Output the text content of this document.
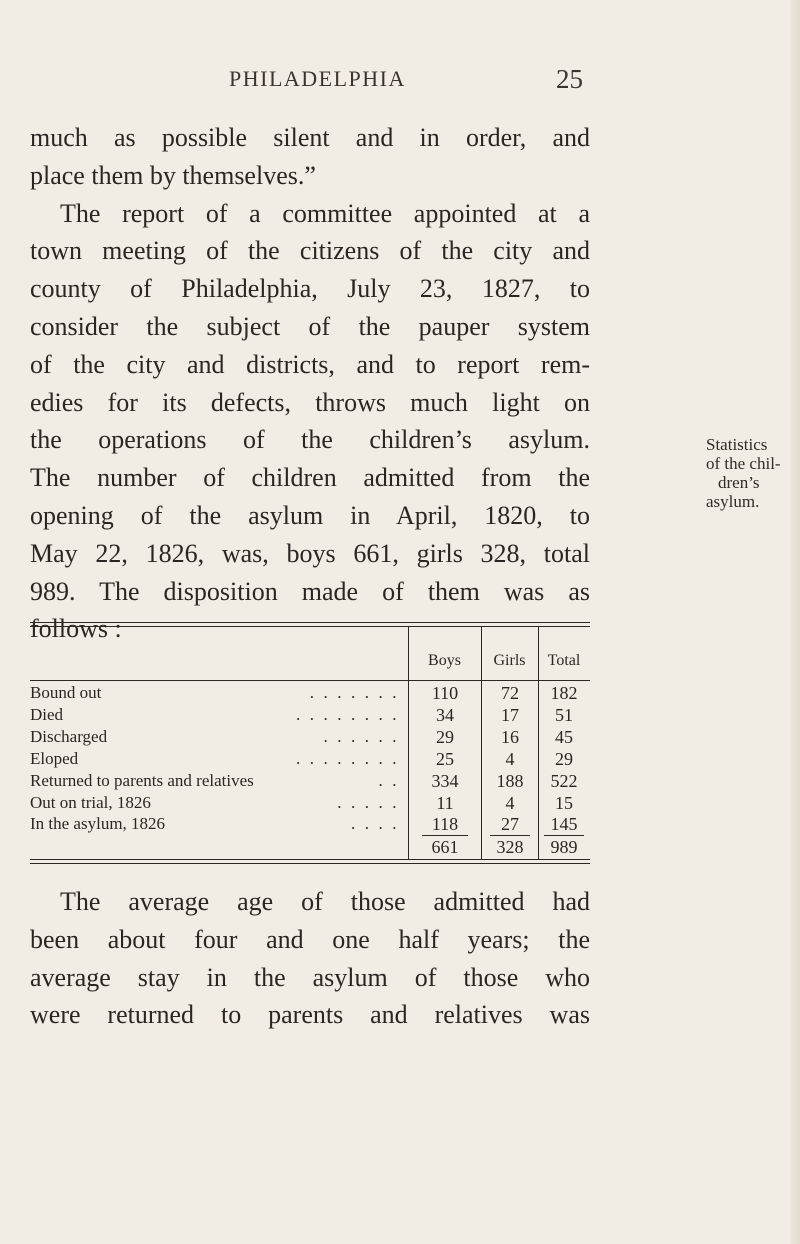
PHILADELPHIA	25
much as possible silent and in order, and
place them by themselves.”
The report of a committee appointed at a
town meeting of the citizens of the city and
county of Philadelphia, July 23, 1827, to
consider the subject of the pauper system
of the city and districts, and to report rem-
edies for its defects, throws much light on
the operations of the children’s asylum.
The number of children admitted from the
opening of the asylum in April, 1820, to
May 22, 1826, was, boys 661, girls 328, total
989. The disposition made of them was as
follows :
Statistics
of the chil-
dren’s
asylum.
Boys	Girls	Total
Bound out	.......	110	72	182
Died	........	34	17	51
Discharged	......	29	16	45
Eloped	........	25	4	29
Returned to parents and relatives	..	334	188	522
Out on trial, 1826	.....	11	4	15
In the asylum, 1826	....	118	27	145
661	328	989
The average age of those admitted had
been about four and one half years; the
average stay in the asylum of those who
were returned to parents and relatives was
